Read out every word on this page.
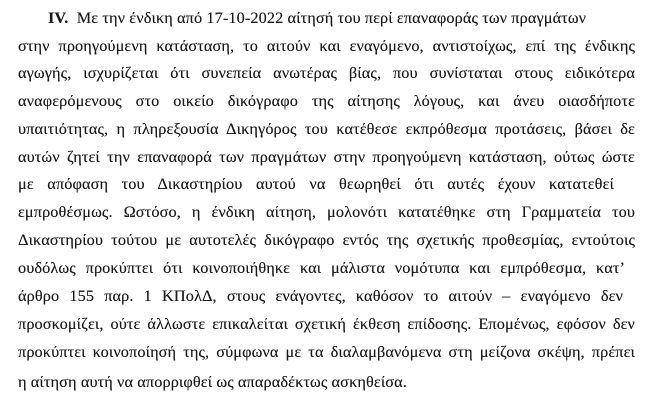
IV. Με την ένδικη από 17-10-2022 αίτησή του περί επαναφοράς των πραγμάτων
στην προηγούμενη κατάσταση, το αιτούν και εναγόμενο, αντιστοίχως, επί της ένδικης
αγωγής, ισχυρίζεται ότι συνεπεία ανωτέρας βίας, που συνίσταται στους ειδικότερα
αναφερόμενους στο οικείο δικόγραφο της αίτησης λόγους, και άνευ οιασδήποτε
υπαιτιότητας, η πληρεξουσία Δικηγόρος του κατέθεσε εκπρόθεσμα προτάσεις, βάσει δε
αυτών ζητεί την επαναφορά των πραγμάτων στην προηγούμενη κατάσταση, ούτως ώστε
με απόφαση του Δικαστηρίου αυτού να θεωρηθεί ότι αυτές έχουν κατατεθεί
εμπροθέσμως. Ωστόσο, η ένδικη αίτηση, μολονότι κατατέθηκε στη Γραμματεία του
Δικαστηρίου τούτου με αυτοτελές δικόγραφο εντός της σχετικής προθεσμίας, εντούτοις
ουδόλως προκύπτει ότι κοινοποιήθηκε και μάλιστα νομότυπα και εμπρόθεσμα, κατ’
άρθρο 155 παρ. 1 ΚΠολΔ, στους ενάγοντες, καθόσον το αιτούν – εναγόμενο δεν
προσκομίζει, ούτε άλλωστε επικαλείται σχετική έκθεση επίδοσης. Επομένως, εφόσον δεν
προκύπτει κοινοποίησή της, σύμφωνα με τα διαλαμβανόμενα στη μείζονα σκέψη, πρέπει
η αίτηση αυτή να απορριφθεί ως απαραδέκτως ασκηθείσα.
